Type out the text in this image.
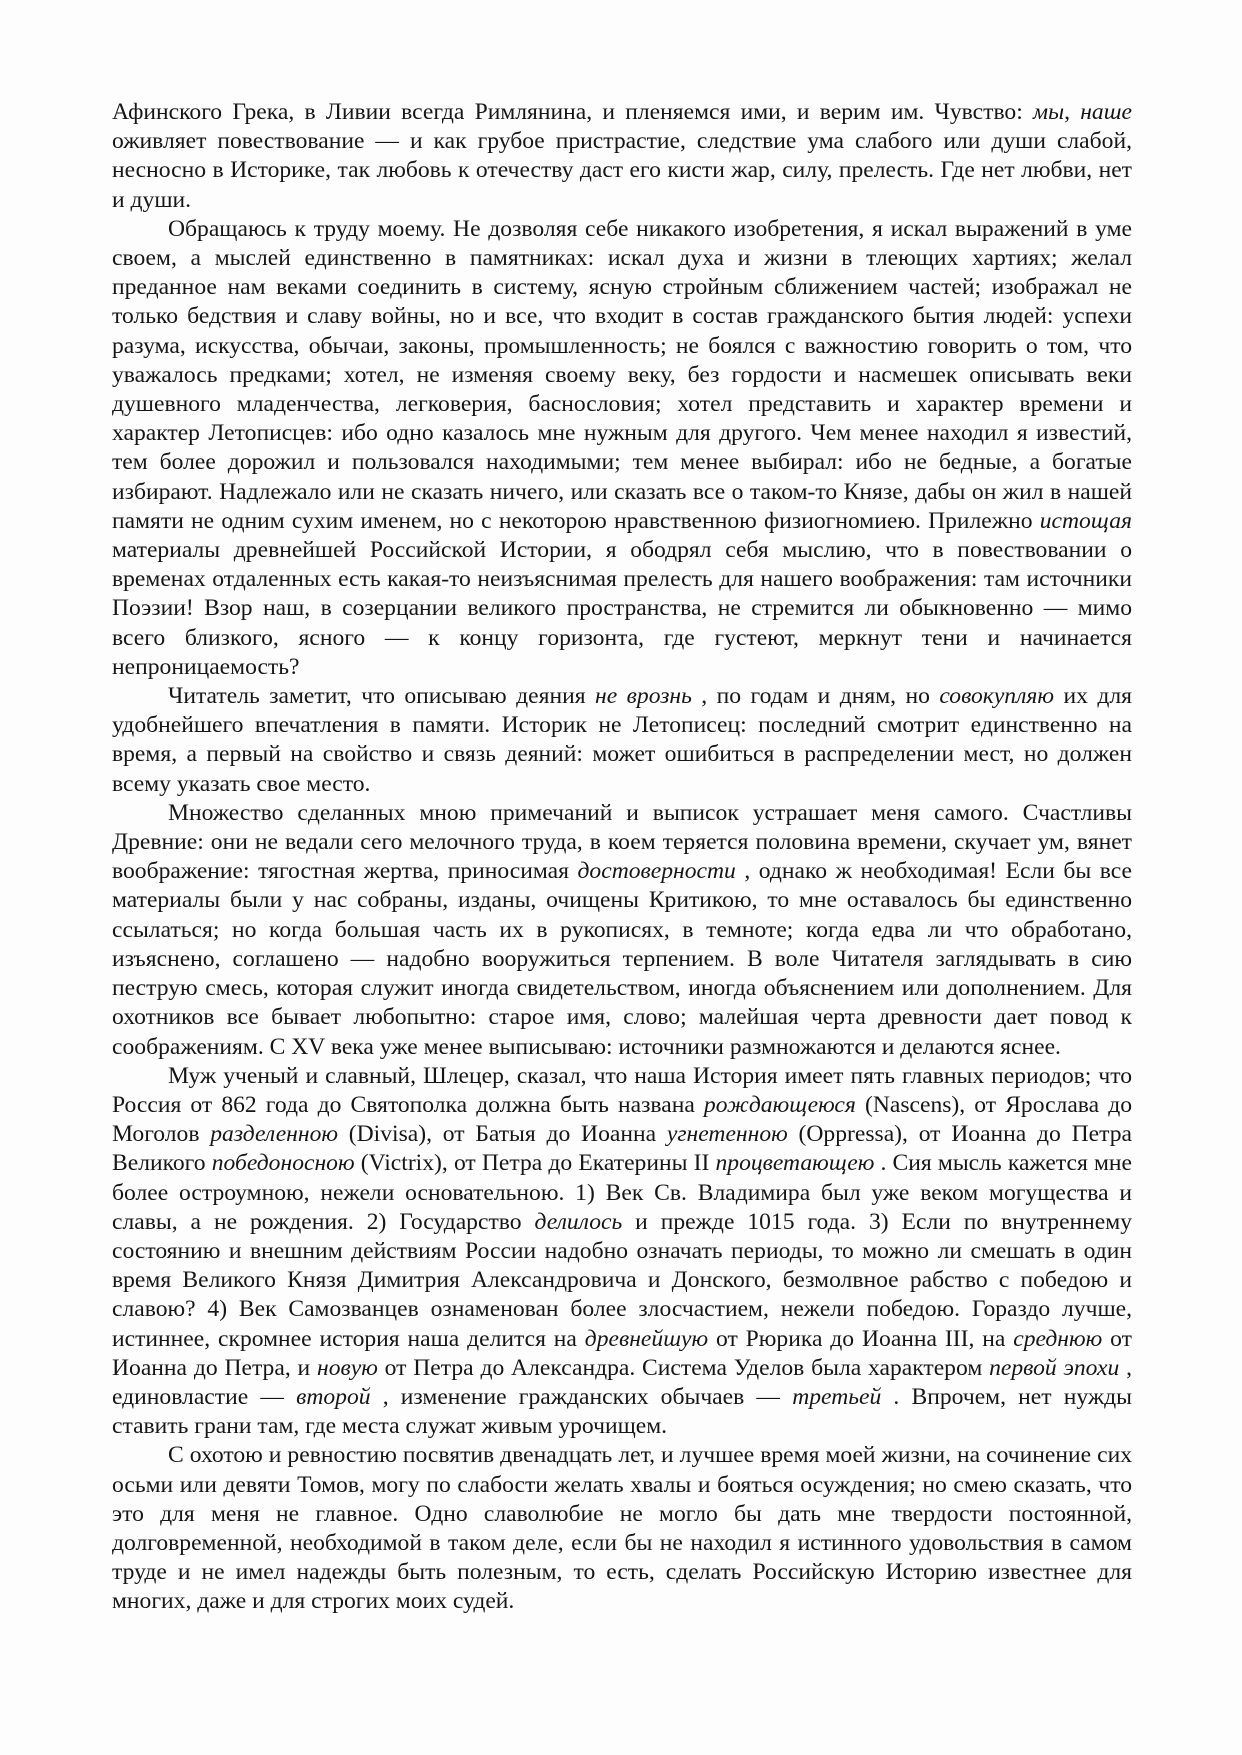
Афинского Грека, в Ливии всегда Римлянина, и пленяемся ими, и верим им. Чувство: мы, наше оживляет повествование — и как грубое пристрастие, следствие ума слабого или души слабой, несносно в Историке, так любовь к отечеству даст его кисти жар, силу, прелесть. Где нет любви, нет и души.

Обращаюсь к труду моему. Не дозволяя себе никакого изобретения, я искал выражений в уме своем, а мыслей единственно в памятниках: искал духа и жизни в тлеющих хартиях; желал преданное нам веками соединить в систему, ясную стройным сближением частей; изображал не только бедствия и славу войны, но и все, что входит в состав гражданского бытия людей: успехи разума, искусства, обычаи, законы, промышленность; не боялся с важностию говорить о том, что уважалось предками; хотел, не изменяя своему веку, без гордости и насмешек описывать веки душевного младенчества, легковерия, баснословия; хотел представить и характер времени и характер Летописцев: ибо одно казалось мне нужным для другого. Чем менее находил я известий, тем более дорожил и пользовался находимыми; тем менее выбирал: ибо не бедные, а богатые избирают. Надлежало или не сказать ничего, или сказать все о таком-то Князе, дабы он жил в нашей памяти не одним сухим именем, но с некоторою нравственною физиогномиею. Прилежно истощая материалы древнейшей Российской Истории, я ободрял себя мыслию, что в повествовании о временах отдаленных есть какая-то неизъяснимая прелесть для нашего воображения: там источники Поэзии! Взор наш, в созерцании великого пространства, не стремится ли обыкновенно — мимо всего близкого, ясного — к концу горизонта, где густеют, меркнут тени и начинается непроницаемость?

Читатель заметит, что описываю деяния не врознь , по годам и дням, но совокупляю их для удобнейшего впечатления в памяти. Историк не Летописец: последний смотрит единственно на время, а первый на свойство и связь деяний: может ошибиться в распределении мест, но должен всему указать свое место.

Множество сделанных мною примечаний и выписок устрашает меня самого. Счастливы Древние: они не ведали сего мелочного труда, в коем теряется половина времени, скучает ум, вянет воображение: тягостная жертва, приносимая достоверности , однако ж необходимая! Если бы все материалы были у нас собраны, изданы, очищены Критикою, то мне оставалось бы единственно ссылаться; но когда большая часть их в рукописях, в темноте; когда едва ли что обработано, изъяснено, соглашено — надобно вооружиться терпением. В воле Читателя заглядывать в сию пеструю смесь, которая служит иногда свидетельством, иногда объяснением или дополнением. Для охотников все бывает любопытно: старое имя, слово; малейшая черта древности дает повод к соображениям. С XV века уже менее выписываю: источники размножаются и делаются яснее.

Муж ученый и славный, Шлецер, сказал, что наша История имеет пять главных периодов; что Россия от 862 года до Святополка должна быть названа рождающеюся (Nascens), от Ярослава до Моголов разделенною (Divisa), от Батыя до Иоанна угнетенною (Oppressa), от Иоанна до Петра Великого победоносною (Victrix), от Петра до Екатерины II процветающею . Сия мысль кажется мне более остроумною, нежели основательною. 1) Век Св. Владимира был уже веком могущества и славы, а не рождения. 2) Государство делилось и прежде 1015 года. 3) Если по внутреннему состоянию и внешним действиям России надобно означать периоды, то можно ли смешать в один время Великого Князя Димитрия Александровича и Донского, безмолвное рабство с победою и славою? 4) Век Самозванцев ознаменован более злосчастием, нежели победою. Гораздо лучше, истиннее, скромнее история наша делится на древнейшую от Рюрика до Иоанна III, на среднюю от Иоанна до Петра, и новую от Петра до Александра. Система Уделов была характером первой эпохи , единовластие — второй , изменение гражданских обычаев — третьей . Впрочем, нет нужды ставить грани там, где места служат живым урочищем.

С охотою и ревностию посвятив двенадцать лет, и лучшее время моей жизни, на сочинение сих осьми или девяти Томов, могу по слабости желать хвалы и бояться осуждения; но смею сказать, что это для меня не главное. Одно славолюбие не могло бы дать мне твердости постоянной, долговременной, необходимой в таком деле, если бы не находил я истинного удовольствия в самом труде и не имел надежды быть полезным, то есть, сделать Российскую Историю известнее для многих, даже и для строгих моих судей.
